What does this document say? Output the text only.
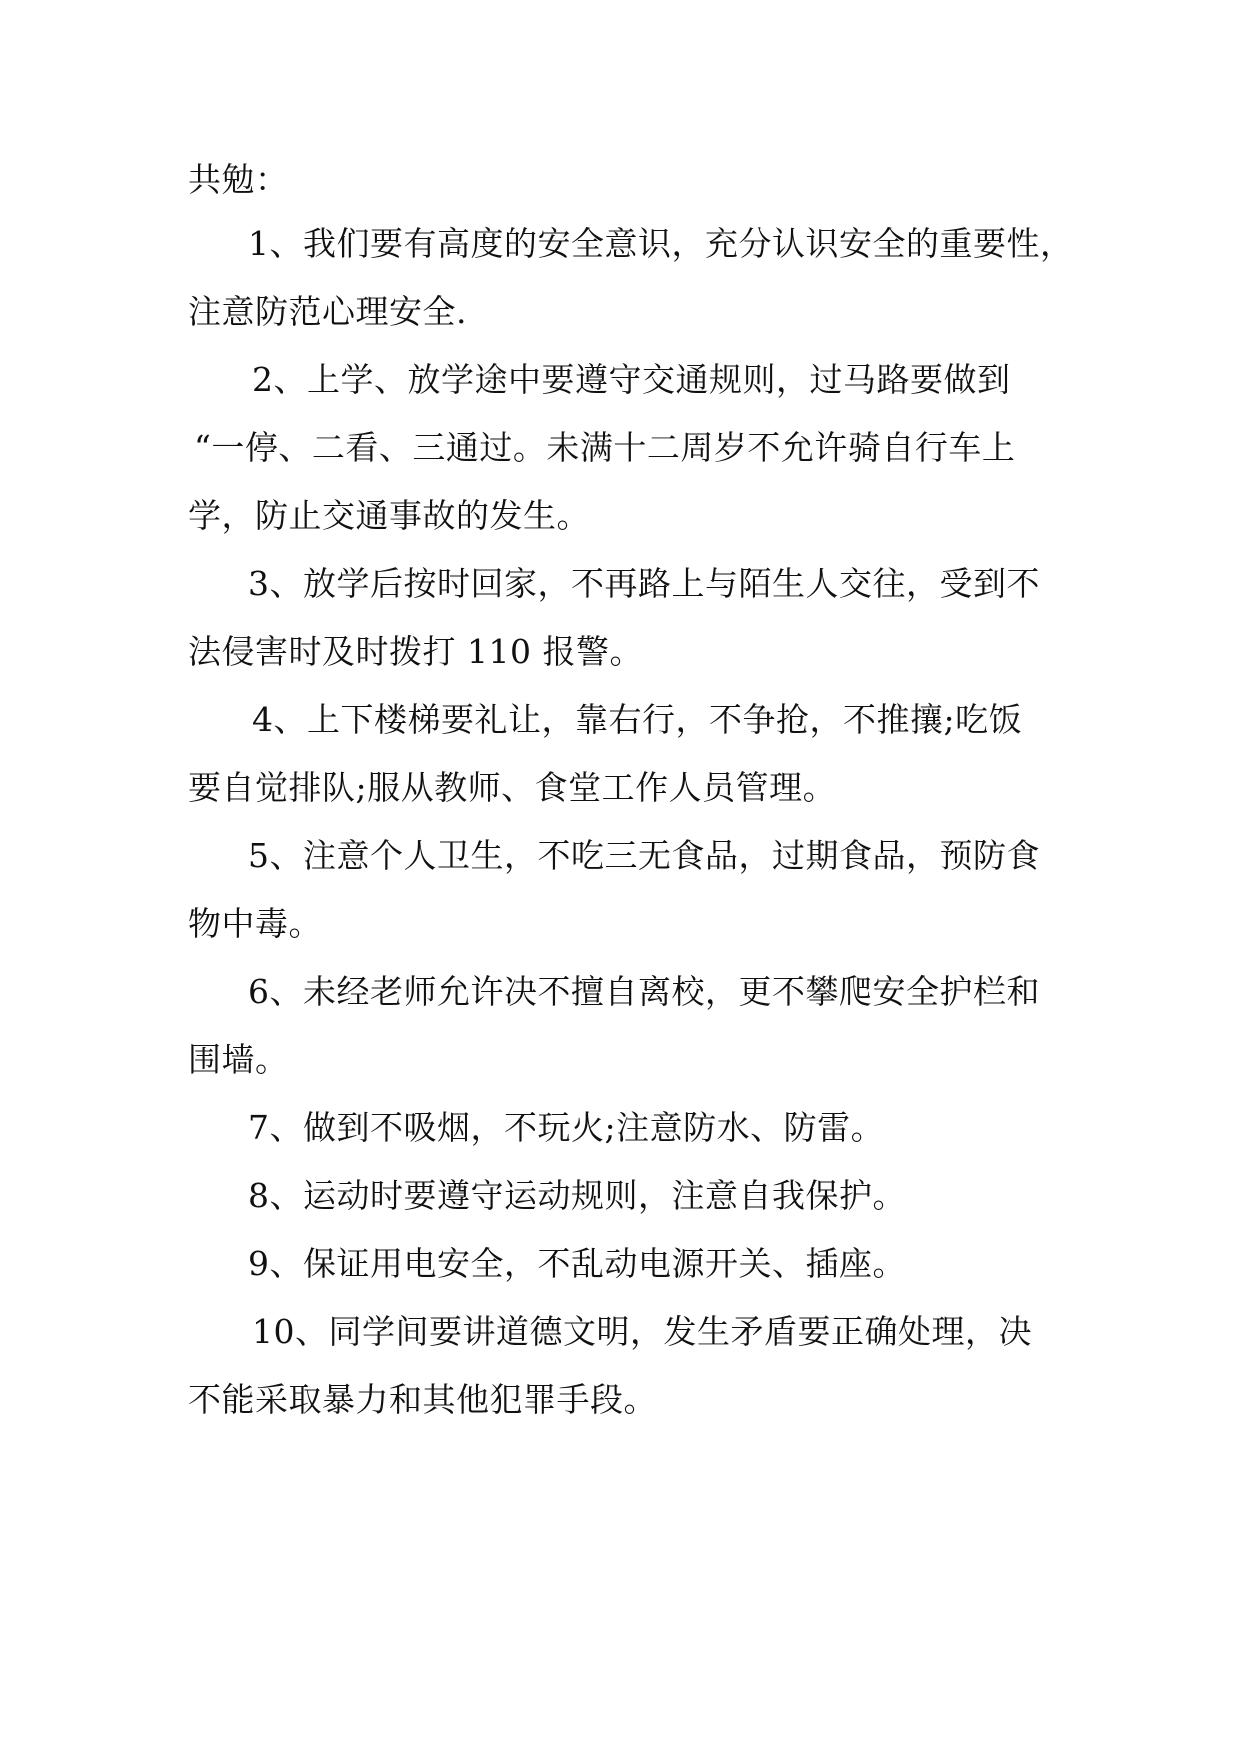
共勉：
1、我们要有高度的安全意识，充分认识安全的重要性，
注意防范心理安全.
2、上学、放学途中要遵守交通规则，过马路要做到
“一停、二看、三通过。未满十二周岁不允许骑自行车上
学，防止交通事故的发生。
3、放学后按时回家，不再路上与陌生人交往，受到不
法侵害时及时拨打 110 报警。
4、上下楼梯要礼让，靠右行，不争抢，不推攘;吃饭
要自觉排队;服从教师、食堂工作人员管理。
5、注意个人卫生，不吃三无食品，过期食品，预防食
物中毒。
6、未经老师允许决不擅自离校，更不攀爬安全护栏和
围墙。
7、做到不吸烟，不玩火;注意防水、防雷。
8、运动时要遵守运动规则，注意自我保护。
9、保证用电安全，不乱动电源开关、插座。
10、同学间要讲道德文明，发生矛盾要正确处理，决
不能采取暴力和其他犯罪手段。
